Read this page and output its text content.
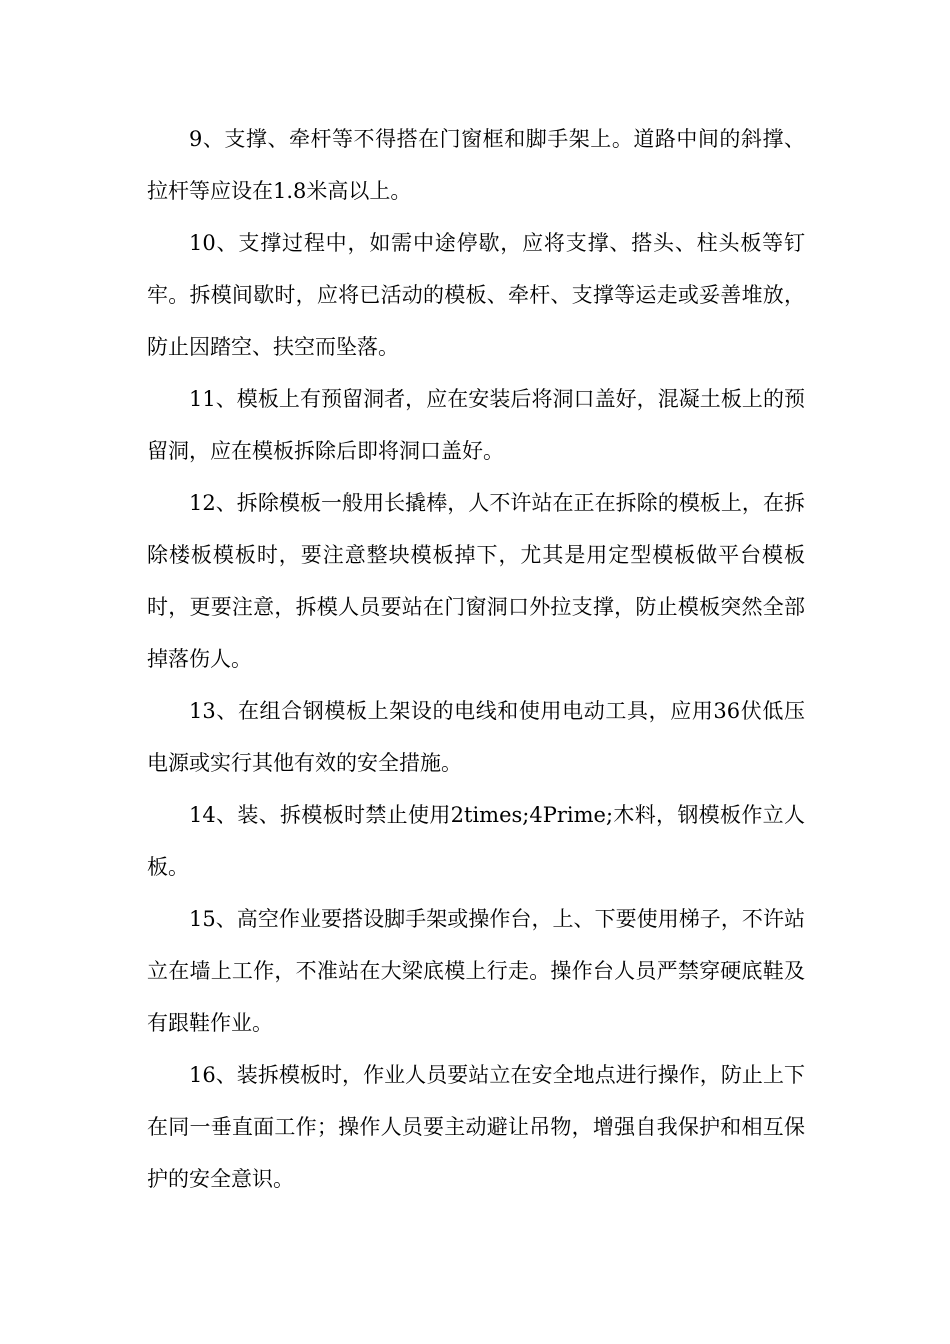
9、支撑、牵杆等不得搭在门窗框和脚手架上。道路中间的斜撑、拉杆等应设在1.8米高以上。

10、支撑过程中，如需中途停歇，应将支撑、搭头、柱头板等钉牢。拆模间歇时，应将已活动的模板、牵杆、支撑等运走或妥善堆放，防止因踏空、扶空而坠落。

11、模板上有预留洞者，应在安装后将洞口盖好，混凝土板上的预留洞，应在模板拆除后即将洞口盖好。

12、拆除模板一般用长撬棒，人不许站在正在拆除的模板上，在拆除楼板模板时，要注意整块模板掉下，尤其是用定型模板做平台模板时，更要注意，拆模人员要站在门窗洞口外拉支撑，防止模板突然全部掉落伤人。

13、在组合钢模板上架设的电线和使用电动工具，应用36伏低压电源或实行其他有效的安全措施。

14、装、拆模板时禁止使用2times;4Prime;木料，钢模板作立人板。

15、高空作业要搭设脚手架或操作台，上、下要使用梯子，不许站立在墙上工作，不准站在大梁底模上行走。操作台人员严禁穿硬底鞋及有跟鞋作业。

16、装拆模板时，作业人员要站立在安全地点进行操作，防止上下在同一垂直面工作；操作人员要主动避让吊物，增强自我保护和相互保护的安全意识。
